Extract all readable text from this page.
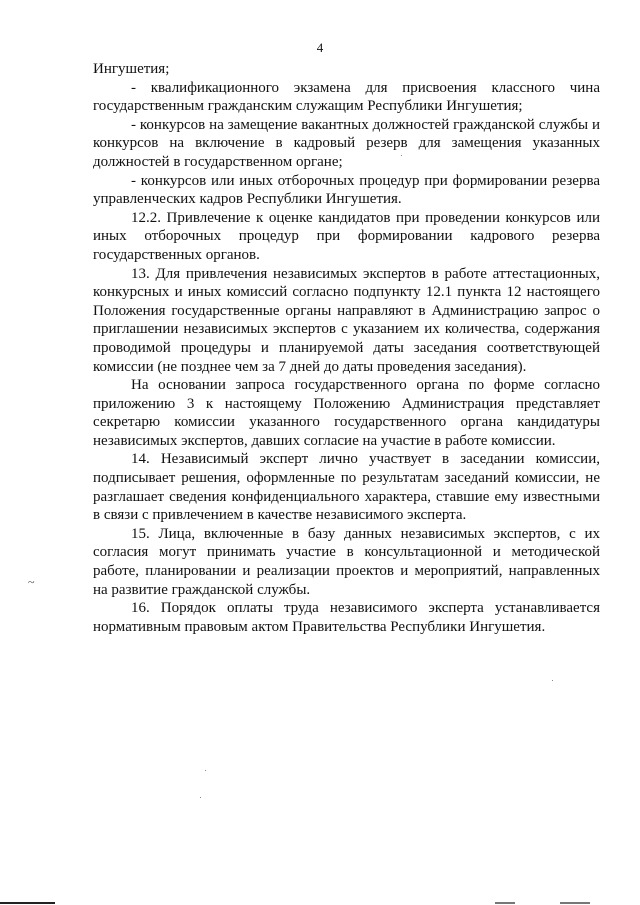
4

Ингушетия;

- квалификационного экзамена для присвоения классного чина государственным гражданским служащим Республики Ингушетия;

- конкурсов на замещение вакантных должностей гражданской службы и конкурсов на включение в кадровый резерв для замещения указанных должностей в государственном органе;

- конкурсов или иных отборочных процедур при формировании резерва управленческих кадров Республики Ингушетия.

12.2. Привлечение к оценке кандидатов при проведении конкурсов или иных отборочных процедур при формировании кадрового резерва государственных органов.

13. Для привлечения независимых экспертов в работе аттестационных, конкурсных и иных комиссий согласно подпункту 12.1 пункта 12 настоящего Положения государственные органы направляют в Администрацию запрос о приглашении независимых экспертов с указанием их количества, содержания проводимой процедуры и планируемой даты заседания соответствующей комиссии (не позднее чем за 7 дней до даты проведения заседания).

На основании запроса государственного органа по форме согласно приложению 3 к настоящему Положению Администрация представляет секретарю комиссии указанного государственного органа кандидатуры независимых экспертов, давших согласие на участие в работе комиссии.

14. Независимый эксперт лично участвует в заседании комиссии, подписывает решения, оформленные по результатам заседаний комиссии, не разглашает сведения конфиденциального характера, ставшие ему известными в связи с привлечением в качестве независимого эксперта.

15. Лица, включенные в базу данных независимых экспертов, с их согласия могут принимать участие в консультационной и методической работе, планировании и реализации проектов и мероприятий, направленных на развитие гражданской службы.

16. Порядок оплаты труда независимого эксперта устанавливается нормативным правовым актом Правительства Республики Ингушетия.

~
